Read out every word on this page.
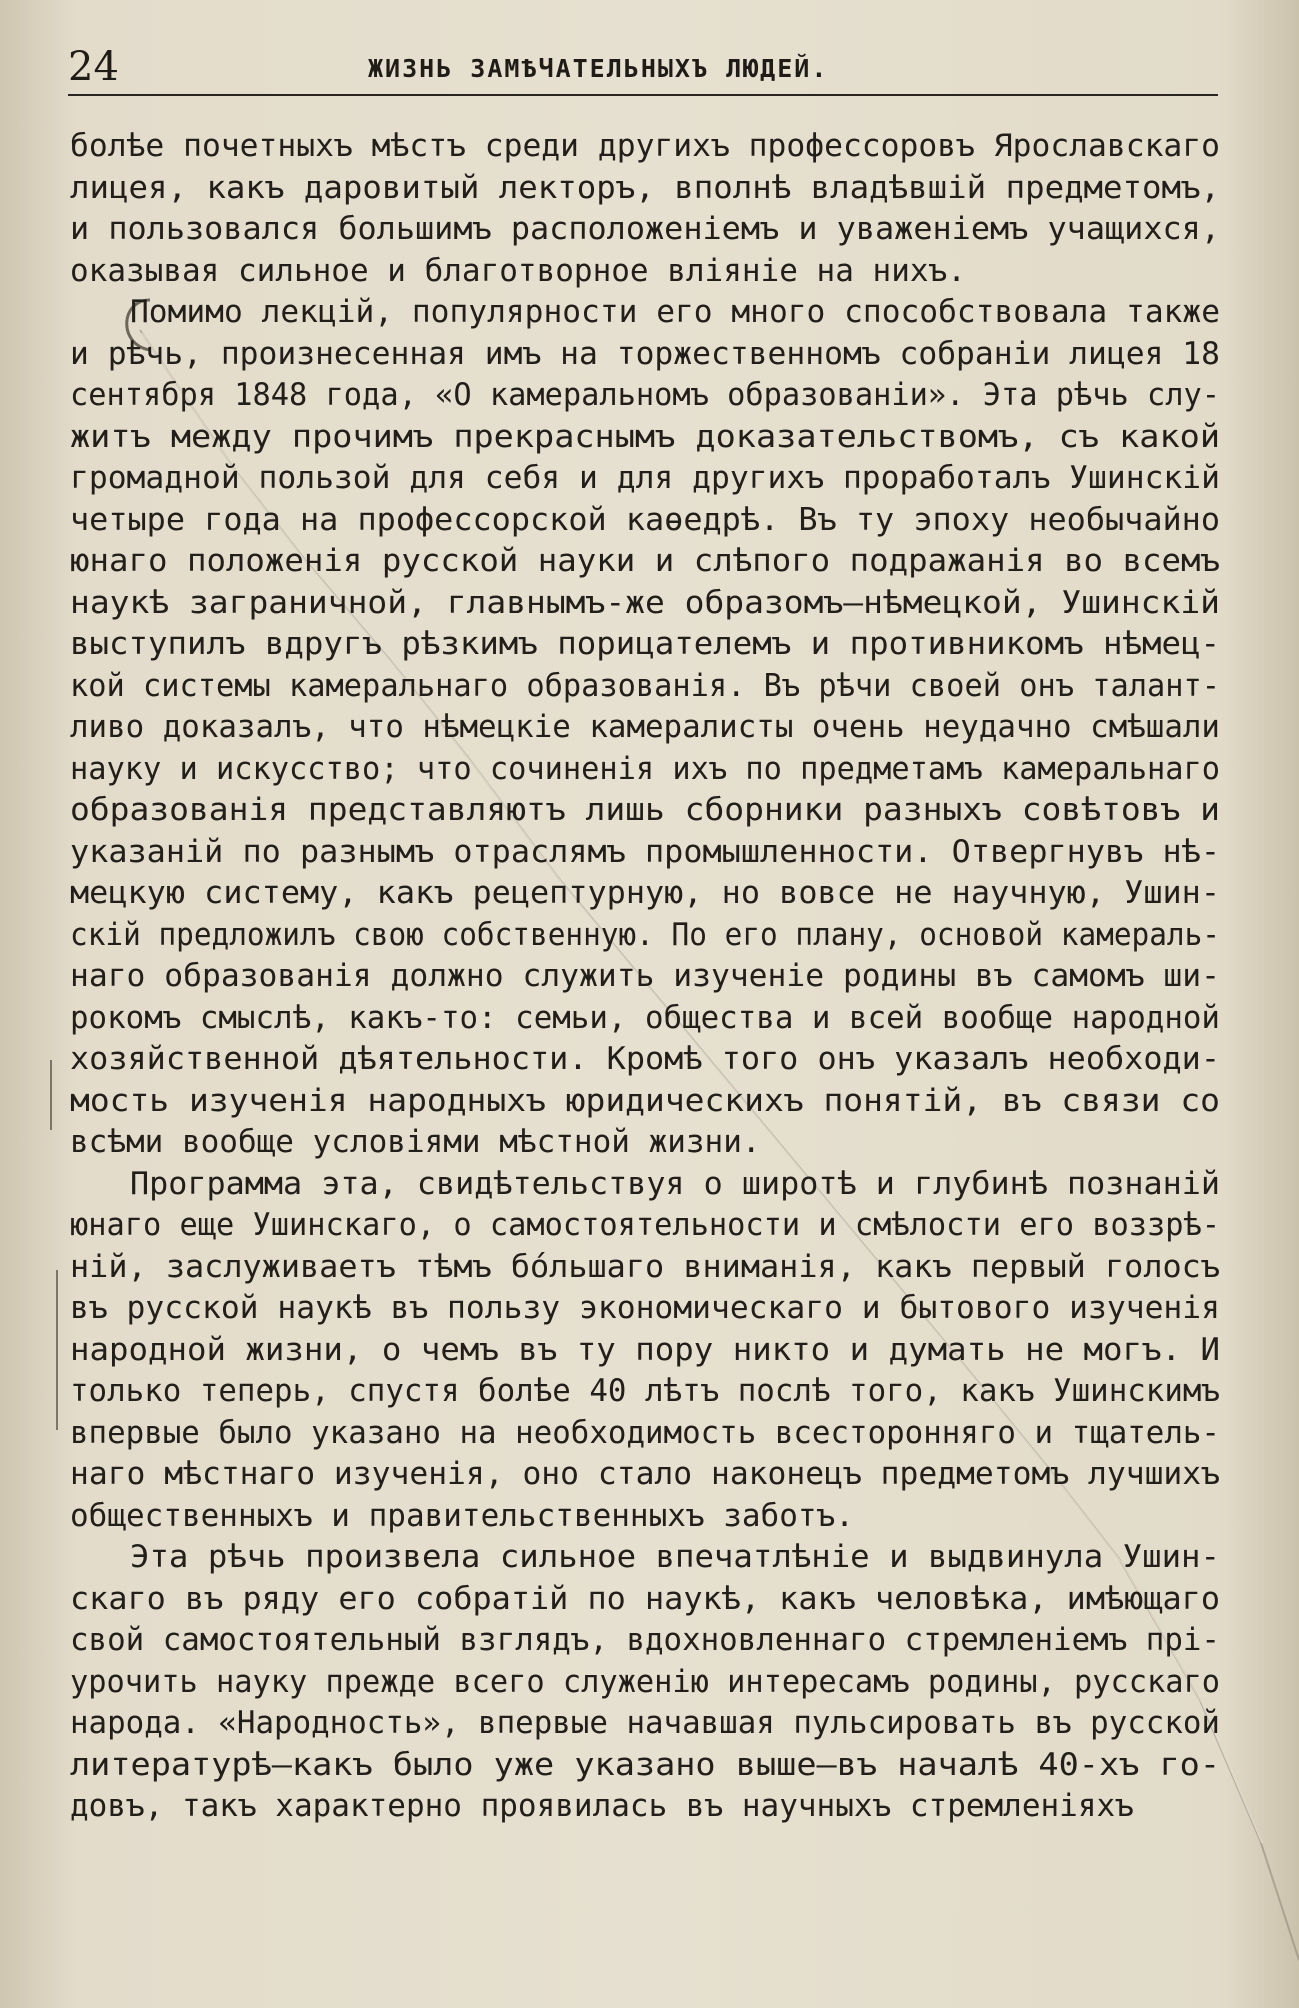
24	ЖИЗНЬ ЗАМѢЧАТЕЛЬНЫХЪ ЛЮДЕЙ.
болѣе почетныхъ мѣстъ среди другихъ профессоровъ Ярославскаго
лицея, какъ даровитый лекторъ, вполнѣ владѣвшій предметомъ,
и пользовался большимъ расположеніемъ и уваженіемъ учащихся,
оказывая сильное и благотворное вліяніе на нихъ.
Помимо лекцій, популярности его много способствовала также
и рѣчь, произнесенная имъ на торжественномъ собраніи лицея 18
сентября 1848 года, «О камеральномъ образованіи». Эта рѣчь слу-
житъ между прочимъ прекраснымъ доказательствомъ, съ какой
громадной пользой для себя и для другихъ проработалъ Ушинскій
четыре года на профессорской каѳедрѣ. Въ ту эпоху необычайно
юнаго положенія русской науки и слѣпого подражанія во всемъ
наукѣ заграничной, главнымъ-же образомъ—нѣмецкой, Ушинскій
выступилъ вдругъ рѣзкимъ порицателемъ и противникомъ нѣмец-
кой системы камеральнаго образованія. Въ рѣчи своей онъ талант-
ливо доказалъ, что нѣмецкіе камералисты очень неудачно смѣшали
науку и искусство; что сочиненія ихъ по предметамъ камеральнаго
образованія представляютъ лишь сборники разныхъ совѣтовъ и
указаній по разнымъ отраслямъ промышленности. Отвергнувъ нѣ-
мецкую систему, какъ рецептурную, но вовсе не научную, Ушин-
скій предложилъ свою собственную. По его плану, основой камераль-
наго образованія должно служить изученіе родины въ самомъ ши-
рокомъ смыслѣ, какъ-то: семьи, общества и всей вообще народной
хозяйственной дѣятельности. Кромѣ того онъ указалъ необходи-
мость изученія народныхъ юридическихъ понятій, въ связи со
всѣми вообще условіями мѣстной жизни.
Программа эта, свидѣтельствуя о широтѣ и глубинѣ познаній
юнаго еще Ушинскаго, о самостоятельности и смѣлости его воззрѣ-
ній, заслуживаетъ тѣмъ бóльшаго вниманія, какъ первый голосъ
въ русской наукѣ въ пользу экономическаго и бытового изученія
народной жизни, о чемъ въ ту пору никто и думать не могъ. И
только теперь, спустя болѣе 40 лѣтъ послѣ того, какъ Ушинскимъ
впервые было указано на необходимость всесторонняго и тщатель-
наго мѣстнаго изученія, оно стало наконецъ предметомъ лучшихъ
общественныхъ и правительственныхъ заботъ.
Эта рѣчь произвела сильное впечатлѣніе и выдвинула Ушин-
скаго въ ряду его собратій по наукѣ, какъ человѣка, имѣющаго
свой самостоятельный взглядъ, вдохновленнаго стремленіемъ прі-
урочить науку прежде всего служенію интересамъ родины, русскаго
народа. «Народность», впервые начавшая пульсировать въ русской
литературѣ—какъ было уже указано выше—въ началѣ 40-хъ го-
довъ, такъ характерно проявилась въ научныхъ стремленіяхъ
